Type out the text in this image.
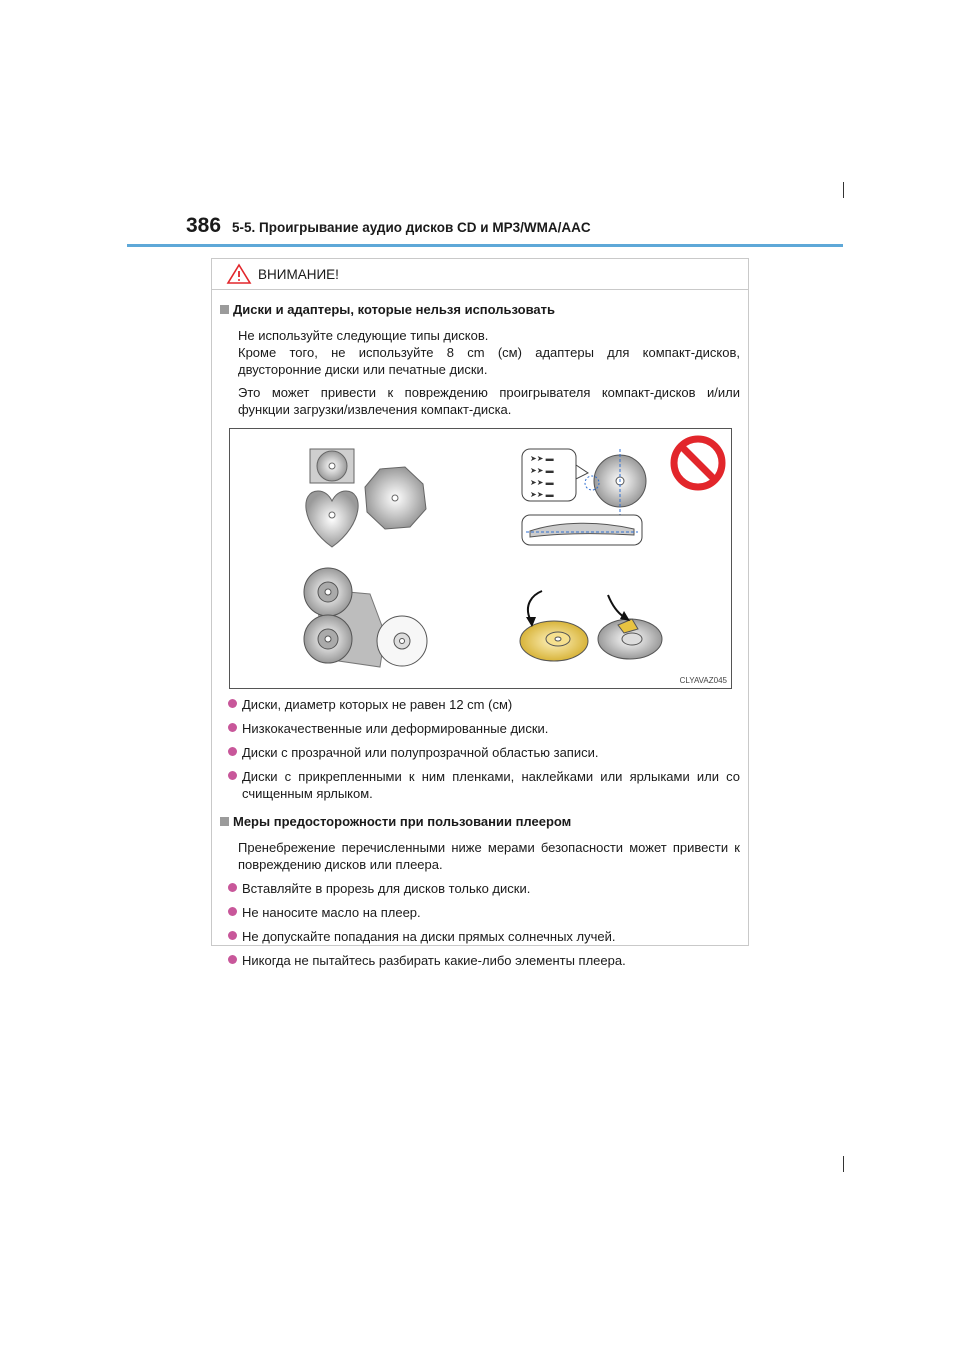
386 5-5. Проигрывание аудио дисков CD и MP3/WMA/AAC
ВНИМАНИЕ!
Диски и адаптеры, которые нельзя использовать
Не используйте следующие типы дисков.
Кроме того, не используйте 8 cm (см) адаптеры для компакт-дисков, двусторонние диски или печатные диски.
Это может привести к повреждению проигрывателя компакт-дисков и/или функции загрузки/извлечения компакт-диска.
➤➤ ▬
➤➤ ▬
➤➤ ▬
➤➤ ▬
CLYAVAZ045
Диски, диаметр которых не равен 12 cm (см)
Низкокачественные или деформированные диски.
Диски с прозрачной или полупрозрачной областью записи.
Диски с прикрепленными к ним пленками, наклейками или ярлыками или со счищенным ярлыком.
Меры предосторожности при пользовании плеером
Пренебрежение перечисленными ниже мерами безопасности может привести к повреждению дисков или плеера.
Вставляйте в прорезь для дисков только диски.
Не наносите масло на плеер.
Не допускайте попадания на диски прямых солнечных лучей.
Никогда не пытайтесь разбирать какие-либо элементы плеера.
